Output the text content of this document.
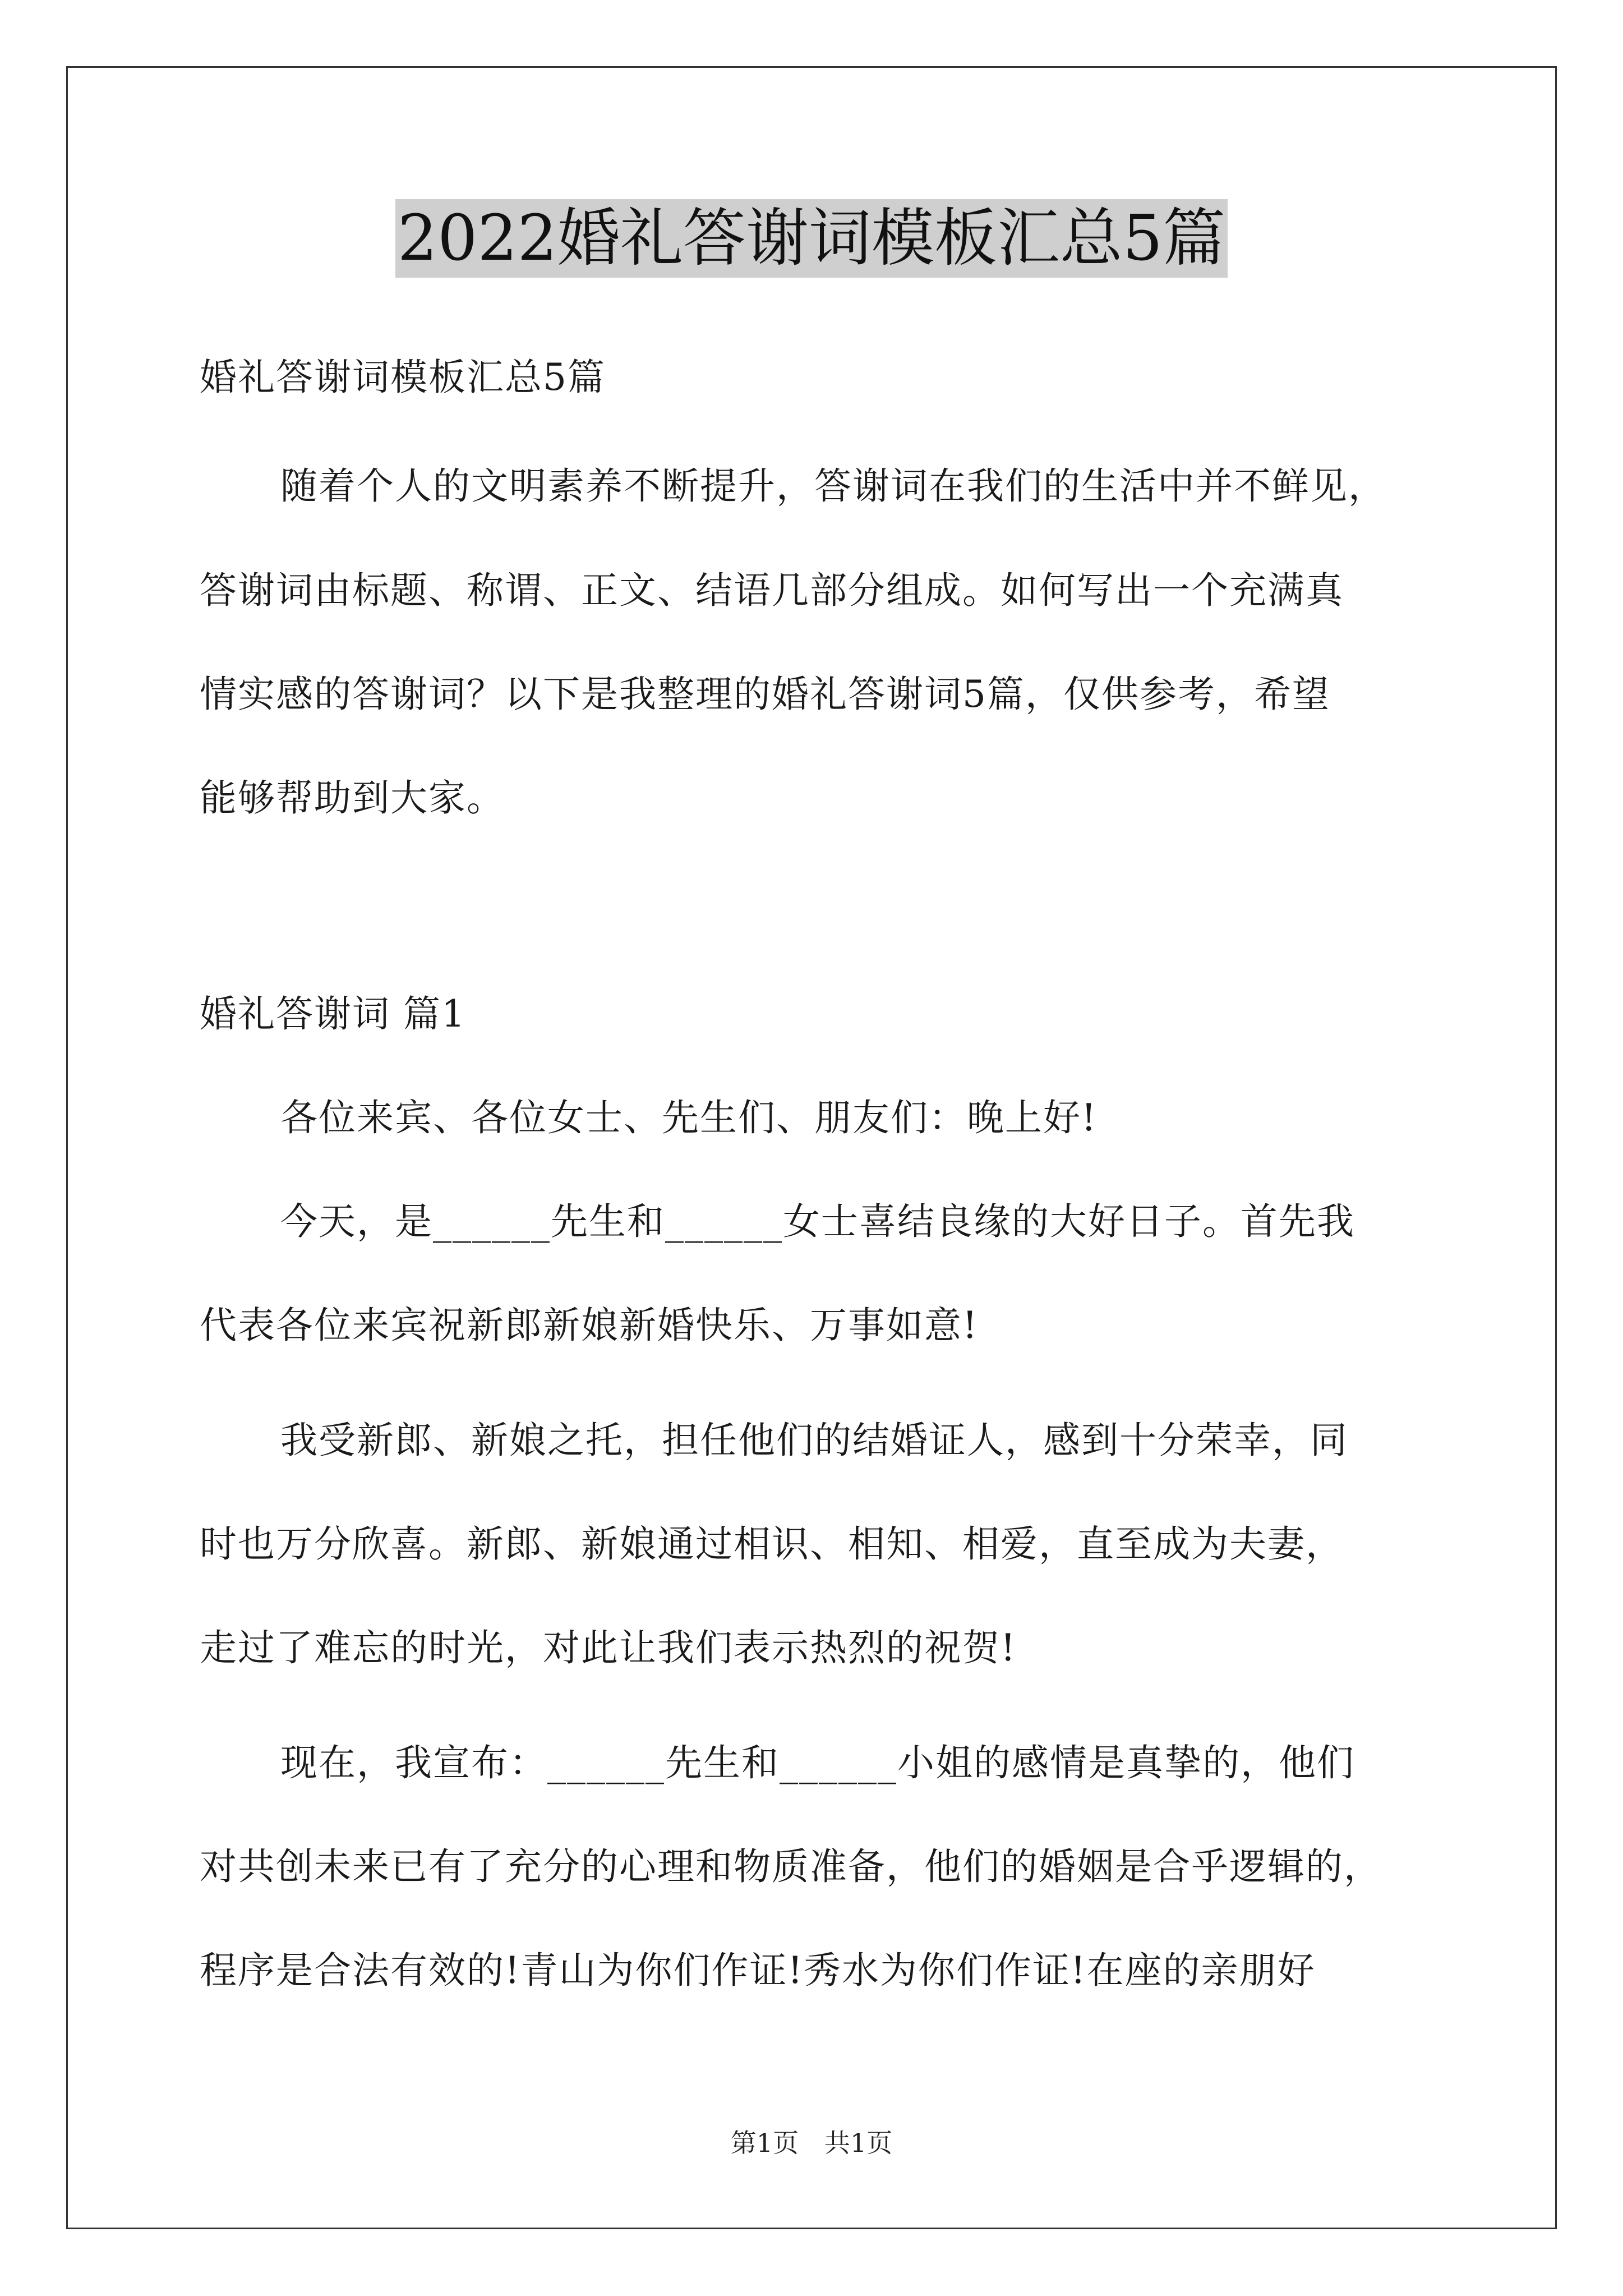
2022婚礼答谢词模板汇总5篇
婚礼答谢词模板汇总5篇
随着个人的文明素养不断提升，答谢词在我们的生活中并不鲜见，
答谢词由标题、称谓、正文、结语几部分组成。如何写出一个充满真
情实感的答谢词？以下是我整理的婚礼答谢词5篇，仅供参考，希望
能够帮助到大家。
婚礼答谢词 篇1
各位来宾、各位女士、先生们、朋友们：晚上好!
今天，是______先生和______女士喜结良缘的大好日子。首先我
代表各位来宾祝新郎新娘新婚快乐、万事如意!
我受新郎、新娘之托，担任他们的结婚证人，感到十分荣幸，同
时也万分欣喜。新郎、新娘通过相识、相知、相爱，直至成为夫妻，
走过了难忘的时光，对此让我们表示热烈的祝贺!
现在，我宣布：______先生和______小姐的感情是真挚的，他们
对共创未来已有了充分的心理和物质准备，他们的婚姻是合乎逻辑的，
程序是合法有效的!青山为你们作证!秀水为你们作证!在座的亲朋好
第1页　共1页
